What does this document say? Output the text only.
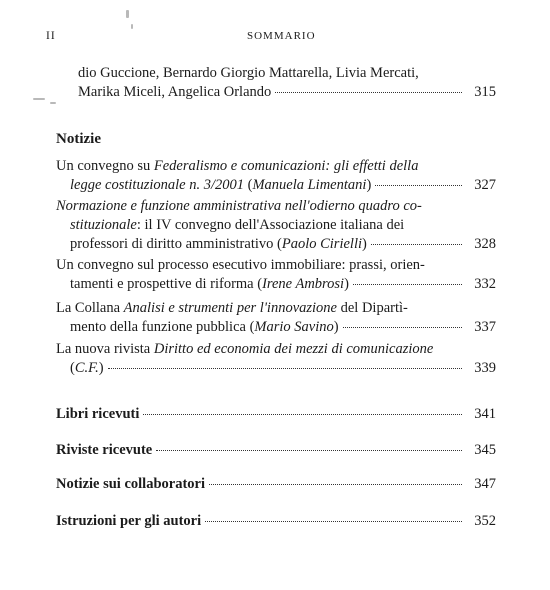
II	SOMMARIO
dio Guccione, Bernardo Giorgio Mattarella, Livia Mercati,
Marika Miceli, Angelica Orlando	315
Notizie
Un convegno su Federalismo e comunicazioni: gli effetti della
legge costituzionale n. 3/2001 ( Manuela Limentani )	327
Normazione e funzione amministrativa nell'odierno quadro co-
stituzionale : il IV convegno dell'Associazione italiana dei
professori di diritto amministrativo ( Paolo Cirielli )	328
Un convegno sul processo esecutivo immobiliare: prassi, orien-
tamenti e prospettive di riforma ( Irene Ambrosi )	332
La Collana Analisi e strumenti per l'innovazione del Dipartì-
mento della funzione pubblica ( Mario Savino )	337
La nuova rivista Diritto ed economia dei mezzi di comunicazione
( C.F. )	339
Libri ricevuti	341
Riviste ricevute	345
Notizie sui collaboratori	347
Istruzioni per gli autori	352
